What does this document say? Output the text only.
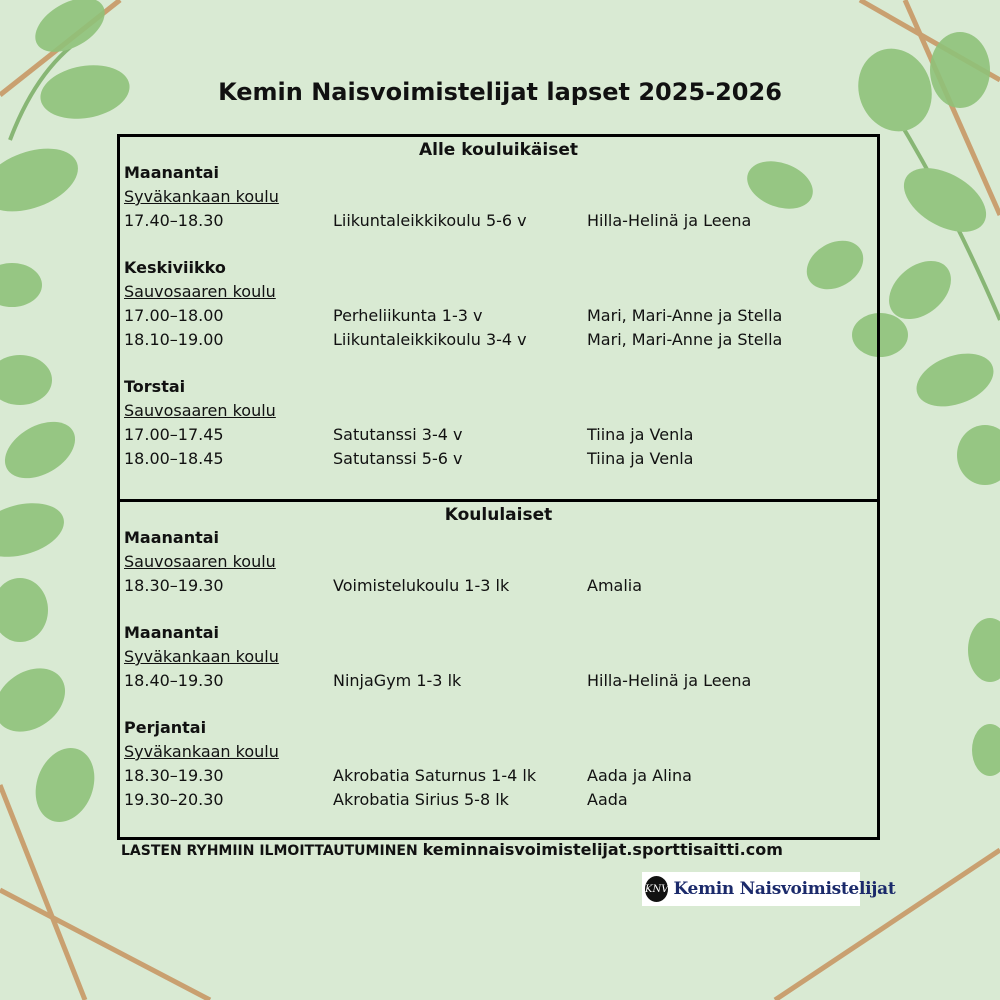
Kemin Naisvoimistelijat lapset 2025-2026
Alle kouluikäiset
Maanantai
Syväkankaan koulu
17.40–18.30	Liikuntaleikkikoulu 5-6 v	Hilla-Helinä ja Leena
Keskiviikko
Sauvosaaren koulu
17.00–18.00	Perheliikunta 1-3 v	Mari, Mari-Anne ja Stella
18.10–19.00	Liikuntaleikkikoulu 3-4 v	Mari, Mari-Anne ja Stella
Torstai
Sauvosaaren koulu
17.00–17.45	Satutanssi 3-4 v	Tiina ja Venla
18.00–18.45	Satutanssi 5-6 v	Tiina ja Venla
Koululaiset
Maanantai
Sauvosaaren koulu
18.30–19.30	Voimistelukoulu 1-3 lk	Amalia
Maanantai
Syväkankaan koulu
18.40–19.30	NinjaGym 1-3 lk	Hilla-Helinä ja Leena
Perjantai
Syväkankaan koulu
18.30–19.30	Akrobatia Saturnus 1-4 lk	Aada ja Alina
19.30–20.30	Akrobatia Sirius 5-8 lk	Aada
LASTEN RYHMIIN ILMOITTAUTUMINEN keminnaisvoimistelijat.sporttisaitti.com
KNV Kemin Naisvoimistelijat
